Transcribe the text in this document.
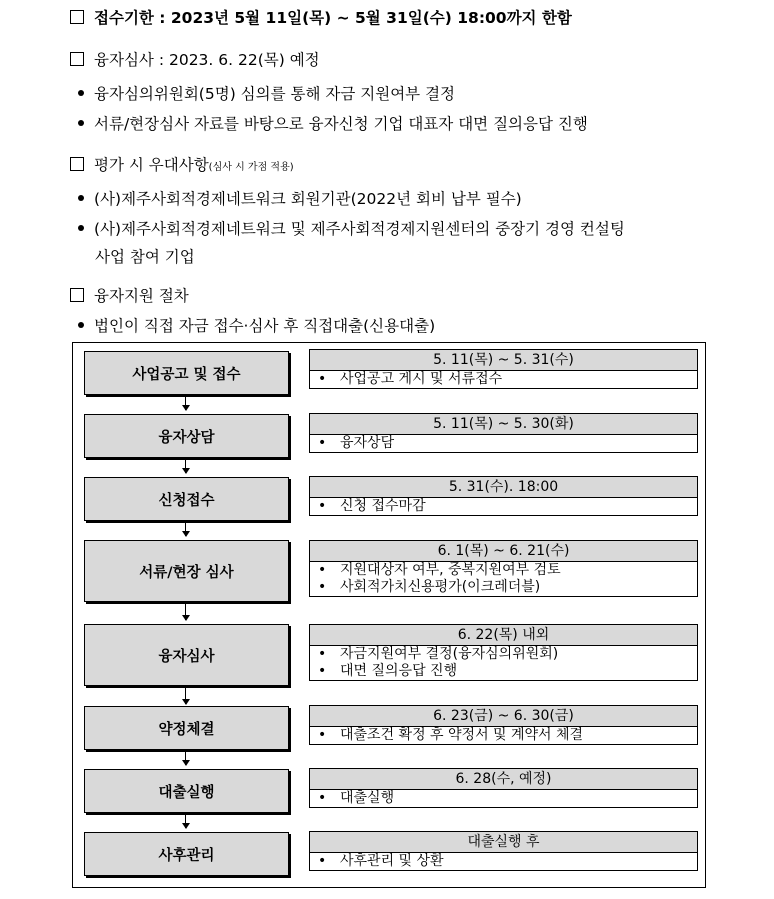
접수기한 : 2023년 5월 11일(목) ~ 5월 31일(수) 18:00까지 한함
융자심사 : 2023. 6. 22(목) 예정
융자심의위원회(5명) 심의를 통해 자금 지원여부 결정
서류/현장심사 자료를 바탕으로 융자신청 기업 대표자 대면 질의응답 진행
평가 시 우대사항(심사 시 가점 적용)
(사)제주사회적경제네트워크 회원기관(2022년 회비 납부 필수)
(사)제주사회적경제네트워크 및 제주사회적경제지원센터의 중장기 경영 컨설팅
사업 참여 기업
융자지원 절차
법인이 직접 자금 접수·심사 후 직접대출(신용대출)
사업공고 및 접수
5. 11(목) ~ 5. 31(수)
• 사업공고 게시 및 서류접수
융자상담
5. 11(목) ~ 5. 30(화)
• 융자상담
신청접수
5. 31(수). 18:00
• 신청 접수마감
서류/현장 심사
6. 1(목) ~ 6. 21(수)
• 지원대상자 여부, 중복지원여부 검토
• 사회적가치신용평가(이크레더블)
융자심사
6. 22(목) 내외
• 자금지원여부 결정(융자심의위원회)
• 대면 질의응답 진행
약정체결
6. 23(금) ~ 6. 30(금)
• 대출조건 확정 후 약정서 및 계약서 체결
대출실행
6. 28(수, 예정)
• 대출실행
사후관리
대출실행 후
• 사후관리 및 상환
